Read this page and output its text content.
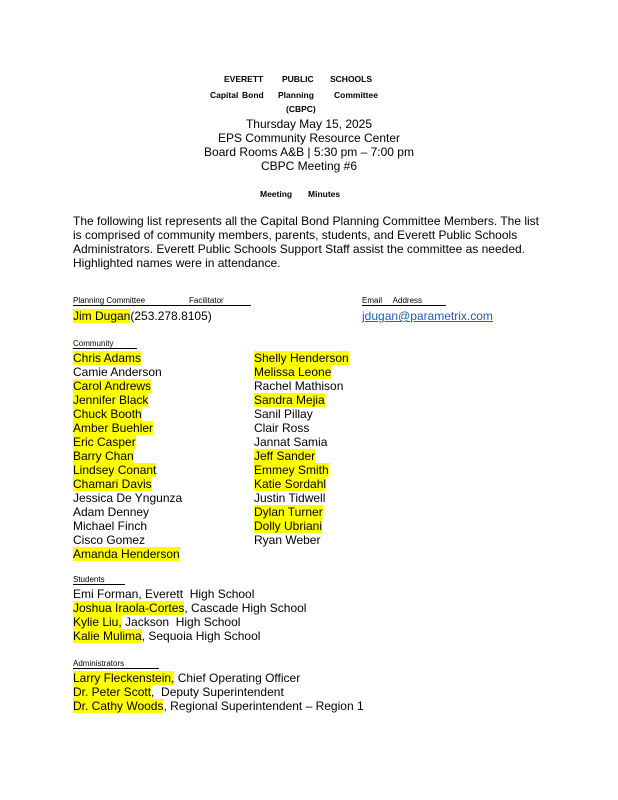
EVERETT PUBLIC SCHOOLS
Capital Bond Planning Committee
(CBPC)
Thursday May 15, 2025
EPS Community Resource Center
Board Rooms A&B | 5:30 pm – 7:00 pm
CBPC Meeting #6
Meeting Minutes
The following list represents all the Capital Bond Planning Committee Members. The list is comprised of community members, parents, students, and Everett Public Schools Administrators. Everett Public Schools Support Staff assist the committee as needed. Highlighted names were in attendance.
Planning Committee	Facilitator	Email     Address
Jim Dugan(253.278.8105)	jdugan@parametrix.com
Community
Chris Adams
Camie Anderson
Carol Andrews
Jennifer Black
Chuck Booth
Amber Buehler
Eric Casper
Barry Chan
Lindsey Conant
Chamari Davis
Jessica De Yngunza
Adam Denney
Michael Finch
Cisco Gomez
Amanda Henderson
Shelly Henderson
Melissa Leone
Rachel Mathison
Sandra Mejia
Sanil Pillay
Clair Ross
Jannat Samia
Jeff Sander
Emmey Smith
Katie Sordahl
Justin Tidwell
Dylan Turner
Dolly Ubriani
Ryan Weber
Students
Emi Forman, Everett  High School
Joshua Iraola-Cortes, Cascade High School
Kylie Liu, Jackson  High School
Kalie Mulima, Sequoia High School
Administrators
Larry Fleckenstein, Chief Operating Officer
Dr. Peter Scott,  Deputy Superintendent
Dr. Cathy Woods, Regional Superintendent – Region 1
